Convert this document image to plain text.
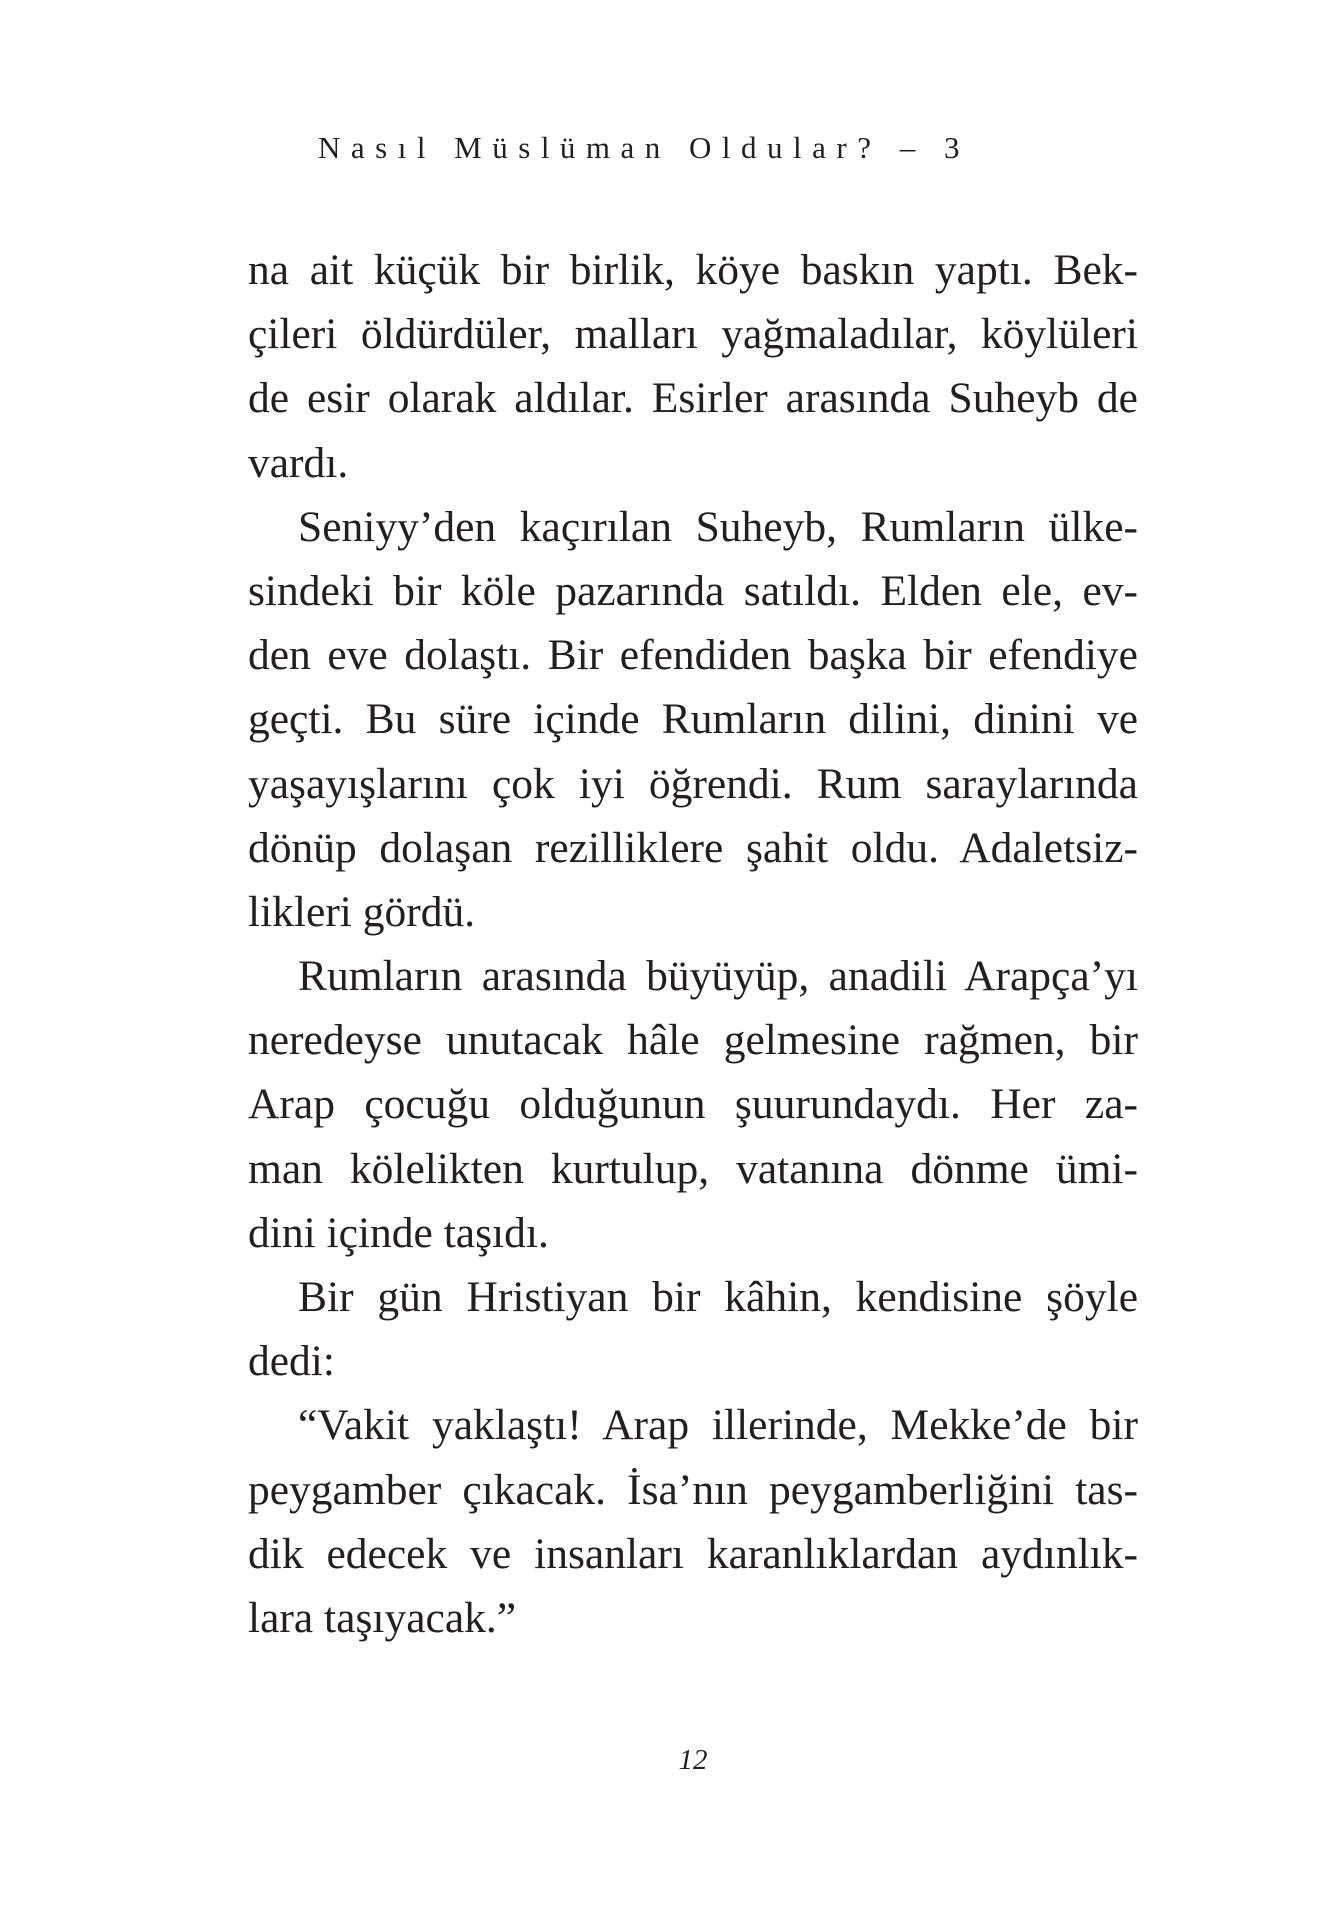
Nasıl Müslüman Oldular? – 3
na ait küçük bir birlik, köye baskın yaptı. Bek-
çileri öldürdüler, malları yağmaladılar, köylüleri
de esir olarak aldılar. Esirler arasında Suheyb de
vardı.
Seniyy’den kaçırılan Suheyb, Rumların ülke-
sindeki bir köle pazarında satıldı. Elden ele, ev-
den eve dolaştı. Bir efendiden başka bir efendiye
geçti. Bu süre içinde Rumların dilini, dinini ve
yaşayışlarını çok iyi öğrendi. Rum saraylarında
dönüp dolaşan rezilliklere şahit oldu. Adaletsiz-
likleri gördü.
Rumların arasında büyüyüp, anadili Arapça’yı
neredeyse unutacak hâle gelmesine rağmen, bir
Arap çocuğu olduğunun şuurundaydı. Her za-
man kölelikten kurtulup, vatanına dönme ümi-
dini içinde taşıdı.
Bir gün Hristiyan bir kâhin, kendisine şöyle
dedi:
“Vakit yaklaştı! Arap illerinde, Mekke’de bir
peygamber çıkacak. İsa’nın peygamberliğini tas-
dik edecek ve insanları karanlıklardan aydınlık-
lara taşıyacak.”
12
